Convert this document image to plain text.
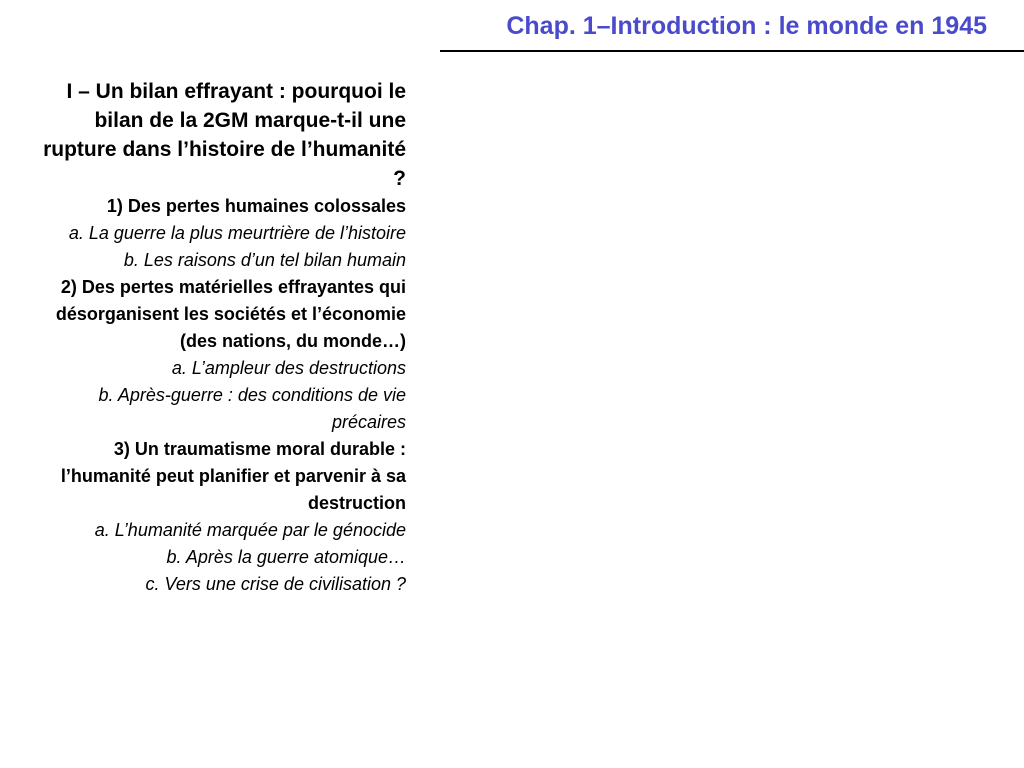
Chap. 1–Introduction : le monde en 1945

I – Un bilan effrayant : pourquoi le bilan de la 2GM marque-t-il une rupture dans l’histoire de l’humanité ?

1) Des pertes humaines colossales

a. La guerre la plus meurtrière de l’histoire

b. Les raisons d’un tel bilan humain

2) Des pertes matérielles effrayantes qui désorganisent les sociétés et l’économie (des nations, du monde…)

a. L’ampleur des destructions

b. Après-guerre : des conditions de vie précaires

3) Un traumatisme moral durable : l’humanité peut planifier et parvenir à sa destruction

a. L’humanité marquée par le génocide

b. Après la guerre atomique…

c. Vers une crise de civilisation ?
